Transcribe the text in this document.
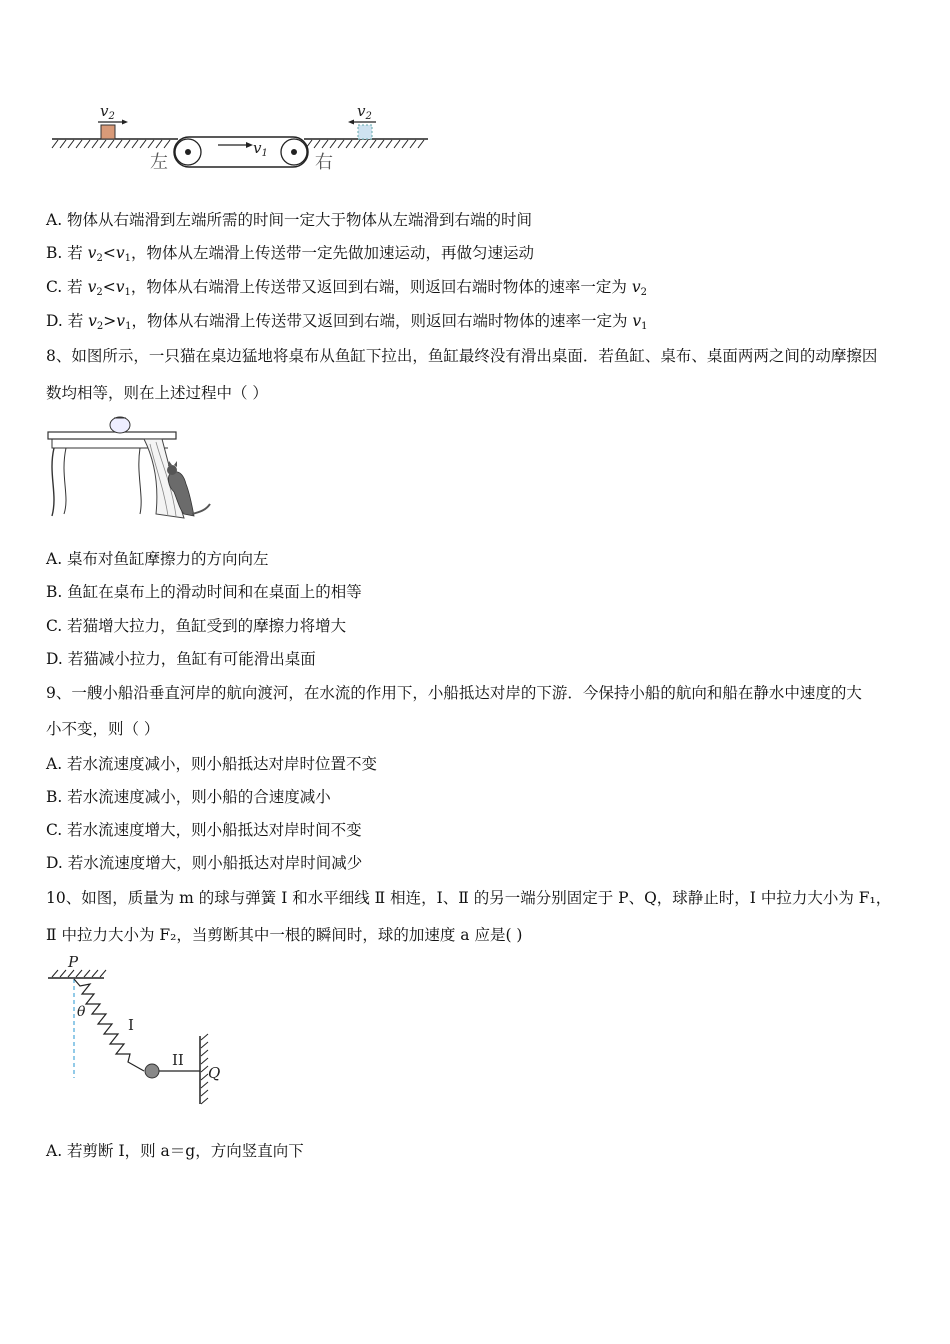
$v_2$	$v_2$
$v_1$
左	右
A. 物体从右端滑到左端所需的时间一定大于物体从左端滑到右端的时间
B. 若 $v_2<v_1$，物体从左端滑上传送带一定先做加速运动，再做匀速运动
C. 若 $v_2<v_1$，物体从右端滑上传送带又返回到右端，则返回右端时物体的速率一定为 $v_2$
D. 若 $v_2>v_1$，物体从右端滑上传送带又返回到右端，则返回右端时物体的速率一定为 $v_1$
8、如图所示，一只猫在桌边猛地将桌布从鱼缸下拉出，鱼缸最终没有滑出桌面．若鱼缸、桌布、桌面两两之间的动摩擦因
数均相等，则在上述过程中（ ）
A. 桌布对鱼缸摩擦力的方向向左
B. 鱼缸在桌布上的滑动时间和在桌面上的相等
C. 若猫增大拉力，鱼缸受到的摩擦力将增大
D. 若猫减小拉力，鱼缸有可能滑出桌面
9、一艘小船沿垂直河岸的航向渡河，在水流的作用下，小船抵达对岸的下游．今保持小船的航向和船在静水中速度的大
小不变，则（ ）
A. 若水流速度减小，则小船抵达对岸时位置不变
B. 若水流速度减小，则小船的合速度减小
C. 若水流速度增大，则小船抵达对岸时间不变
D. 若水流速度增大，则小船抵达对岸时间减少
10、如图，质量为 m 的球与弹簧 Ⅰ 和水平细线 Ⅱ 相连，Ⅰ、Ⅱ 的另一端分别固定于 P、Q，球静止时，Ⅰ 中拉力大小为 F₁，
Ⅱ 中拉力大小为 F₂，当剪断其中一根的瞬间时，球的加速度 a 应是( )
P
θ
I
II
Q
A. 若剪断 Ⅰ，则 a＝g，方向竖直向下
